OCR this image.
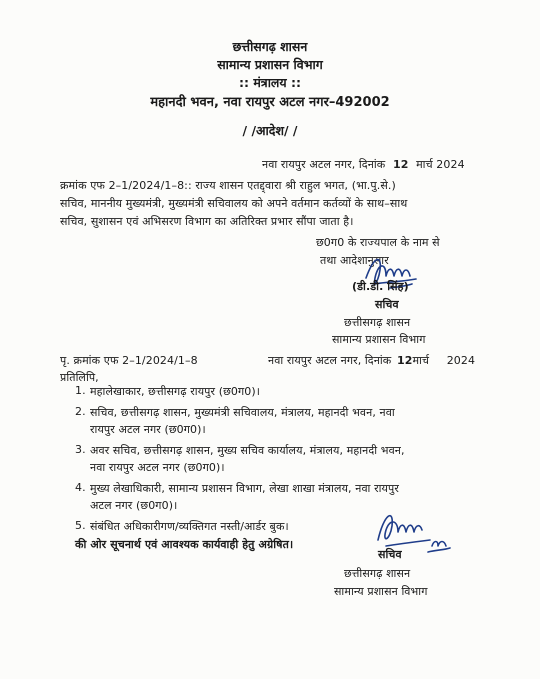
छत्तीसगढ़ शासन
सामान्य प्रशासन विभाग
:: मंत्रालय ::
महानदी भवन, नवा रायपुर अटल नगर–492002
/ /आदेश/ /
नवा रायपुर अटल नगर, दिनांक 12 मार्च 2024
क्रमांक एफ 2–1/2024/1–8:: राज्य शासन एतद्द्वारा श्री राहुल भगत, (भा.पु.से.)
सचिव, माननीय मुख्यमंत्री, मुख्यमंत्री सचिवालय को अपने वर्तमान कर्तव्यों के साथ–साथ
सचिव, सुशासन एवं अभिसरण विभाग का अतिरिक्त प्रभार सौंपा जाता है।
छ0ग0 के राज्यपाल के नाम से
तथा आदेशानुसार
(डी.डी. सिंह)
सचिव
छत्तीसगढ़ शासन
सामान्य प्रशासन विभाग
पृ. क्रमांक एफ 2–1/2024/1–8	नवा रायपुर अटल नगर, दिनांक 12मार्च 2024
प्रतिलिपि,
1. महालेखाकार, छत्तीसगढ़ रायपुर (छ0ग0)।
2. सचिव, छत्तीसगढ़ शासन, मुख्यमंत्री सचिवालय, मंत्रालय, महानदी भवन, नवा
रायपुर अटल नगर (छ0ग0)।
3. अवर सचिव, छत्तीसगढ़ शासन, मुख्य सचिव कार्यालय, मंत्रालय, महानदी भवन,
नवा रायपुर अटल नगर (छ0ग0)।
4. मुख्य लेखाधिकारी, सामान्य प्रशासन विभाग, लेखा शाखा मंत्रालय, नवा रायपुर
अटल नगर (छ0ग0)।
5. संबंधित अधिकारीगण/व्यक्तिगत नस्ती/आर्डर बुक।
की ओर सूचनार्थ एवं आवश्यक कार्यवाही हेतु अग्रेषित।
सचिव
छत्तीसगढ़ शासन
सामान्य प्रशासन विभाग
